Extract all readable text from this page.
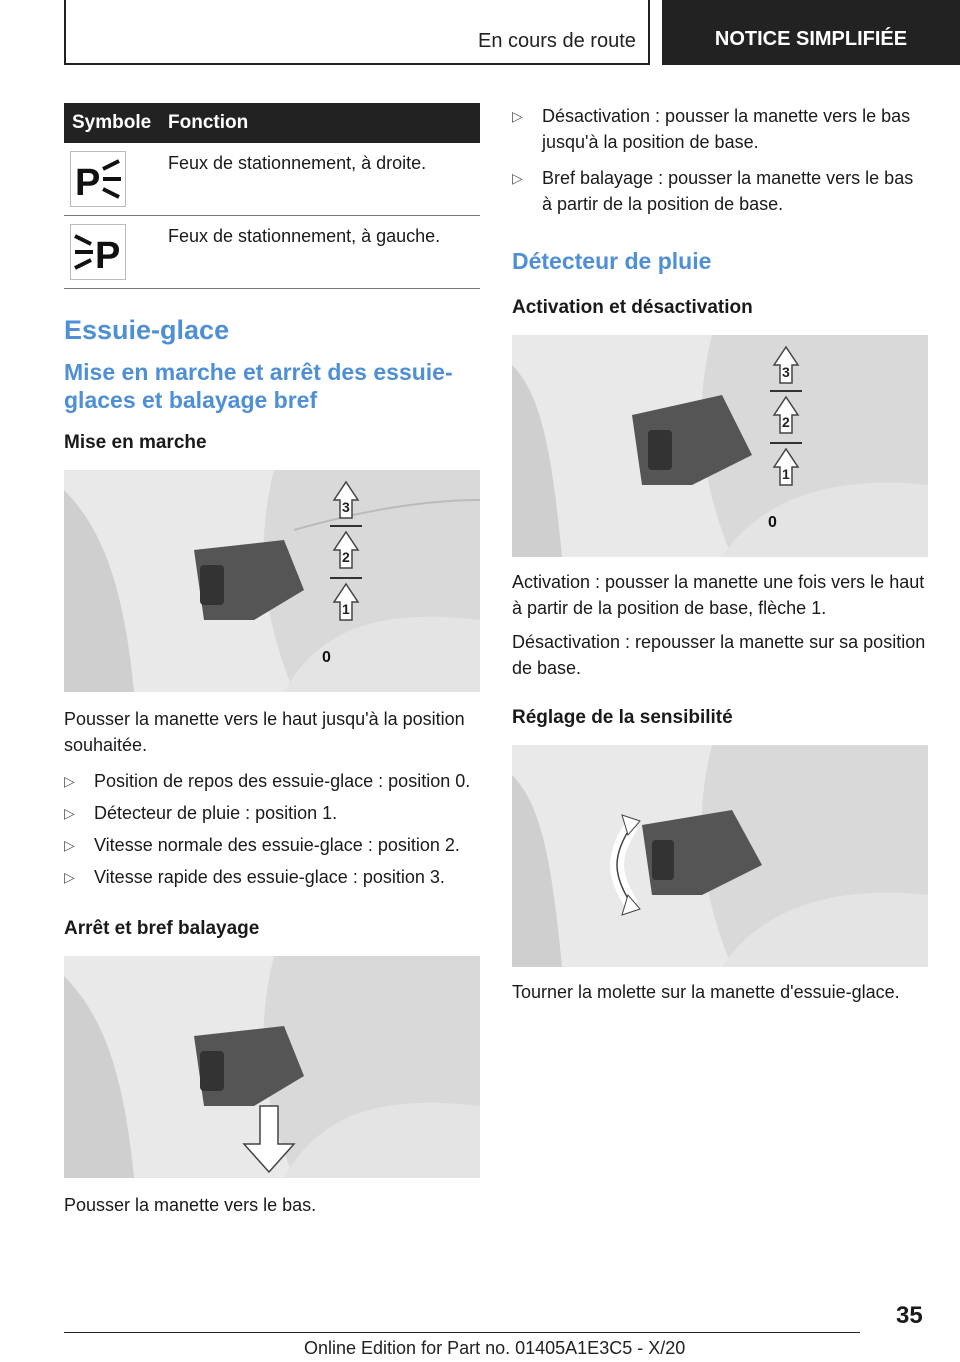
En cours de route	NOTICE SIMPLIFIÉE
Symbole	Fonction

P	Feux de stationnement, à droite.

P	Feux de stationnement, à gauche.
Essuie-glace
Mise en marche et arrêt des essuie-glaces et balayage bref
Mise en marche
3
2
1
0

Pousser la manette vers le haut jusqu'à la position souhaitée.

▷ Position de repos des essuie-glace : position 0.
▷ Détecteur de pluie : position 1.
▷ Vitesse normale des essuie-glace : position 2.
▷ Vitesse rapide des essuie-glace : position 3.
Arrêt et bref balayage

Pousser la manette vers le bas.

▷ Désactivation : pousser la manette vers le bas jusqu'à la position de base.
▷ Bref balayage : pousser la manette vers le bas à partir de la position de base.
Détecteur de pluie
Activation et désactivation
3
2
1
0

Activation : pousser la manette une fois vers le haut à partir de la position de base, flèche 1.

Désactivation : repousser la manette sur sa position de base.

Réglage de la sensibilité

Tourner la molette sur la manette d'essuie-glace.

35
Online Edition for Part no. 01405A1E3C5 - X/20
